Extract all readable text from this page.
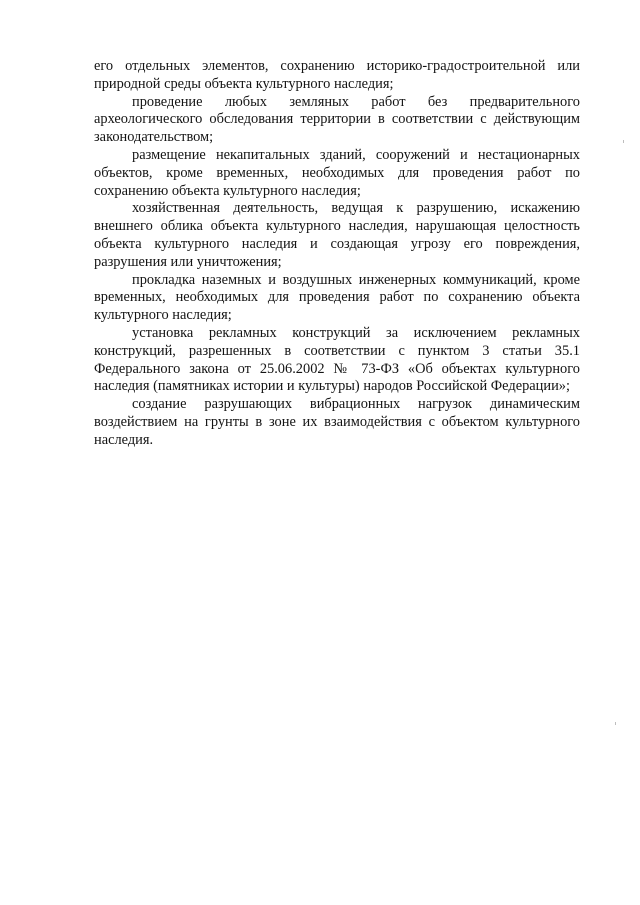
его отдельных элементов, сохранению историко-градостроительной или природной среды объекта культурного наследия;

проведение любых земляных работ без предварительного археологического обследования территории в соответствии с действующим законодательством;

размещение некапитальных зданий, сооружений и нестационарных объектов, кроме временных, необходимых для проведения работ по сохранению объекта культурного наследия;

хозяйственная деятельность, ведущая к разрушению, искажению внешнего облика объекта культурного наследия, нарушающая целостность объекта культурного наследия и создающая угрозу его повреждения, разрушения или уничтожения;

прокладка наземных и воздушных инженерных коммуникаций, кроме временных, необходимых для проведения работ по сохранению объекта культурного наследия;

установка рекламных конструкций за исключением рекламных конструкций, разрешенных в соответствии с пунктом 3 статьи 35.1 Федерального закона от 25.06.2002 № 73-ФЗ «Об объектах культурного наследия (памятниках истории и культуры) народов Российской Федерации»;

создание разрушающих вибрационных нагрузок динамическим воздействием на грунты в зоне их взаимодействия с объектом культурного наследия.
